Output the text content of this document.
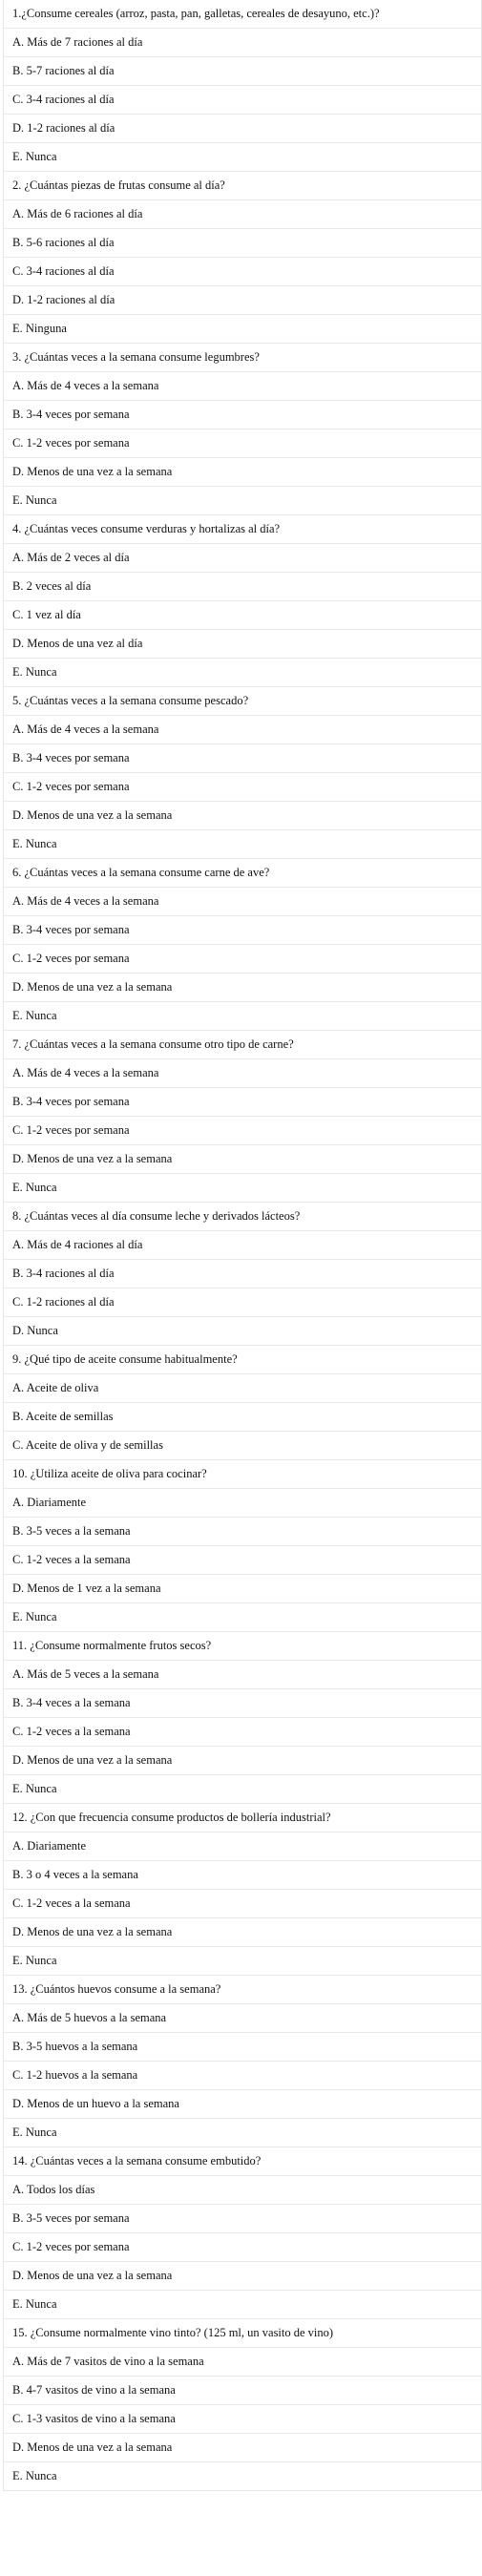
1.¿Consume cereales (arroz, pasta, pan, galletas, cereales de desayuno, etc.)?
A. Más de 7 raciones al día
B. 5-7 raciones al día
C. 3-4 raciones al día
D. 1-2 raciones al día
E. Nunca
2. ¿Cuántas piezas de frutas consume al día?
A. Más de 6 raciones al día
B. 5-6 raciones al día
C. 3-4 raciones al día
D. 1-2 raciones al día
E. Ninguna
3. ¿Cuántas veces a la semana consume legumbres?
A. Más de 4 veces a la semana
B. 3-4 veces por semana
C. 1-2 veces por semana
D. Menos de una vez a la semana
E. Nunca
4. ¿Cuántas veces consume verduras y hortalizas al día?
A. Más de 2 veces al día
B. 2 veces al día
C. 1 vez al día
D. Menos de una vez al día
E. Nunca
5. ¿Cuántas veces a la semana consume pescado?
A. Más de 4 veces a la semana
B. 3-4 veces por semana
C. 1-2 veces por semana
D. Menos de una vez a la semana
E. Nunca
6. ¿Cuántas veces a la semana consume carne de ave?
A. Más de 4 veces a la semana
B. 3-4 veces por semana
C. 1-2 veces por semana
D. Menos de una vez a la semana
E. Nunca
7. ¿Cuántas veces a la semana consume otro tipo de carne?
A. Más de 4 veces a la semana
B. 3-4 veces por semana
C. 1-2 veces por semana
D. Menos de una vez a la semana
E. Nunca
8. ¿Cuántas veces al día consume leche y derivados lácteos?
A. Más de 4 raciones al día
B. 3-4 raciones al día
C. 1-2 raciones al día
D. Nunca
9. ¿Qué tipo de aceite consume habitualmente?
A. Aceite de oliva
B. Aceite de semillas
C. Aceite de oliva y de semillas
10. ¿Utiliza aceite de oliva para cocinar?
A. Diariamente
B. 3-5 veces a la semana
C. 1-2 veces a la semana
D. Menos de 1 vez a la semana
E. Nunca
11. ¿Consume normalmente frutos secos?
A. Más de 5 veces a la semana
B. 3-4 veces a la semana
C. 1-2 veces a la semana
D. Menos de una vez a la semana
E. Nunca
12. ¿Con que frecuencia consume productos de bollería industrial?
A. Diariamente
B. 3 o 4 veces a la semana
C. 1-2 veces a la semana
D. Menos de una vez a la semana
E. Nunca
13. ¿Cuántos huevos consume a la semana?
A. Más de 5 huevos a la semana
B. 3-5 huevos a la semana
C. 1-2 huevos a la semana
D. Menos de un huevo a la semana
E. Nunca
14. ¿Cuántas veces a la semana consume embutido?
A. Todos los días
B. 3-5 veces por semana
C. 1-2 veces por semana
D. Menos de una vez a la semana
E. Nunca
15. ¿Consume normalmente vino tinto? (125 ml, un vasito de vino)
A. Más de 7 vasitos de vino a la semana
B. 4-7 vasitos de vino a la semana
C. 1-3 vasitos de vino a la semana
D. Menos de una vez a la semana
E. Nunca
